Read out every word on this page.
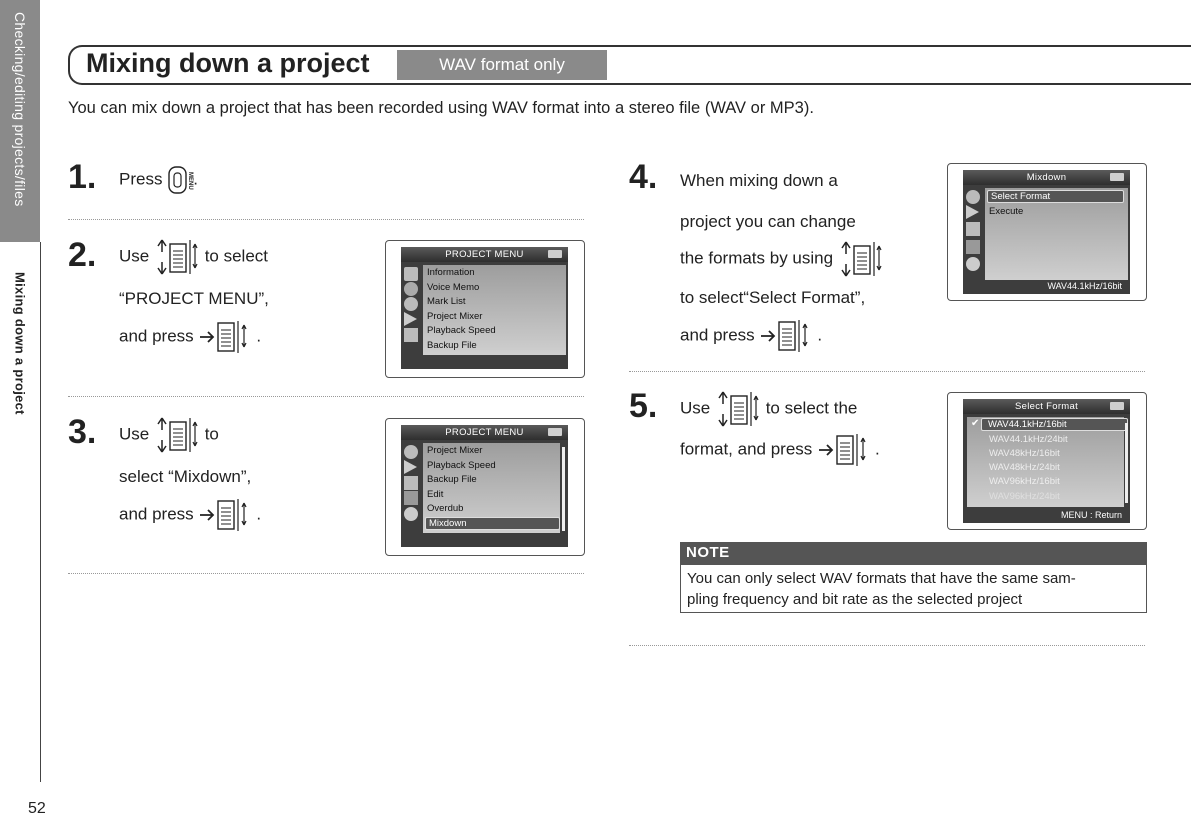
Checking/editing projects/files
Mixing down a project
52
Mixing down a project	WAV format only
You can mix down a project that has been recorded using WAV format into a stereo file (WAV or MP3).
1. Press	MENU .
2. Use	to select
“PROJECT MENU”,
and press	.
PROJECT MENU
Information
Voice Memo
Mark List
Project Mixer
Playback Speed
Backup File
3. Use	to
select “Mixdown”,
and press	.
PROJECT MENU
Project Mixer
Playback Speed
Backup File
Edit
Overdub
Mixdown
4. When mixing down a
project you can change
the formats by using
to select“Select Format”,
and press	.
Mixdown
Select Format
Execute
WAV44.1kHz/16bit
5. Use	to select the
format, and press	.
Select Format
✔ WAV44.1kHz/16bit
WAV44.1kHz/24bit
WAV48kHz/16bit
WAV48kHz/24bit
WAV96kHz/16bit
WAV96kHz/24bit
MENU : Return
NOTE
You can only select WAV formats that have the same sam-
pling frequency and bit rate as the selected project
